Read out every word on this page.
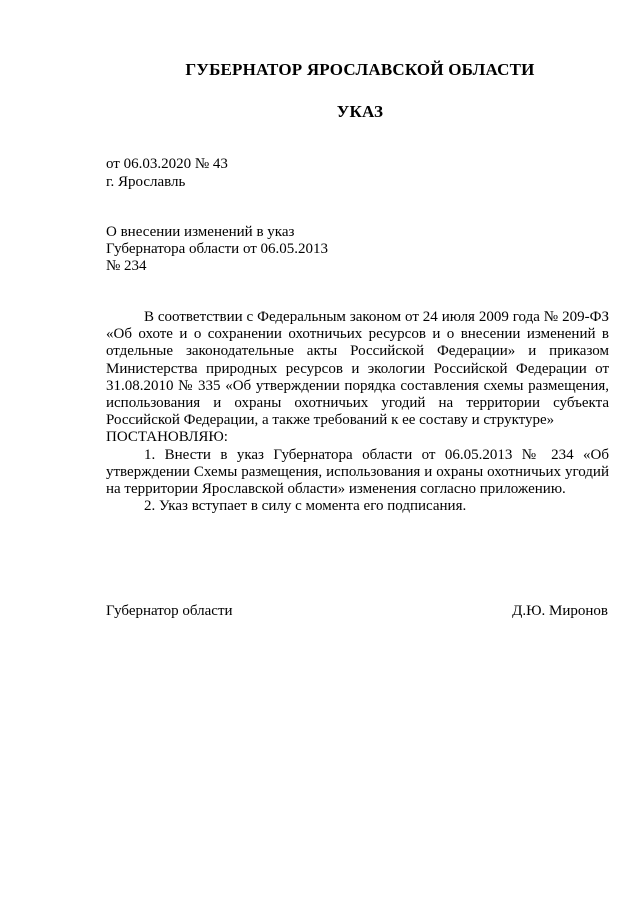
ГУБЕРНАТОР ЯРОСЛАВСКОЙ ОБЛАСТИ
УКАЗ
от 06.03.2020 № 43
г. Ярославль
О внесении изменений в указ
Губернатора области от 06.05.2013
№ 234

В соответствии с Федеральным законом от 24 июля 2009 года № 209-ФЗ «Об охоте и о сохранении охотничьих ресурсов и о внесении изменений в отдельные законодательные акты Российской Федерации» и приказом Министерства природных ресурсов и экологии Российской Федерации от 31.08.2010 № 335 «Об утверждении порядка составления схемы размещения, использования и охраны охотничьих угодий на территории субъекта Российской Федерации, а также требований к ее составу и структуре»

ПОСТАНОВЛЯЮ:

1. Внести в указ Губернатора области от 06.05.2013 № 234 «Об утверждении Схемы размещения, использования и охраны охотничьих угодий на территории Ярославской области» изменения согласно приложению.

2. Указ вступает в силу с момента его подписания.

Губернатор области	Д.Ю. Миронов
